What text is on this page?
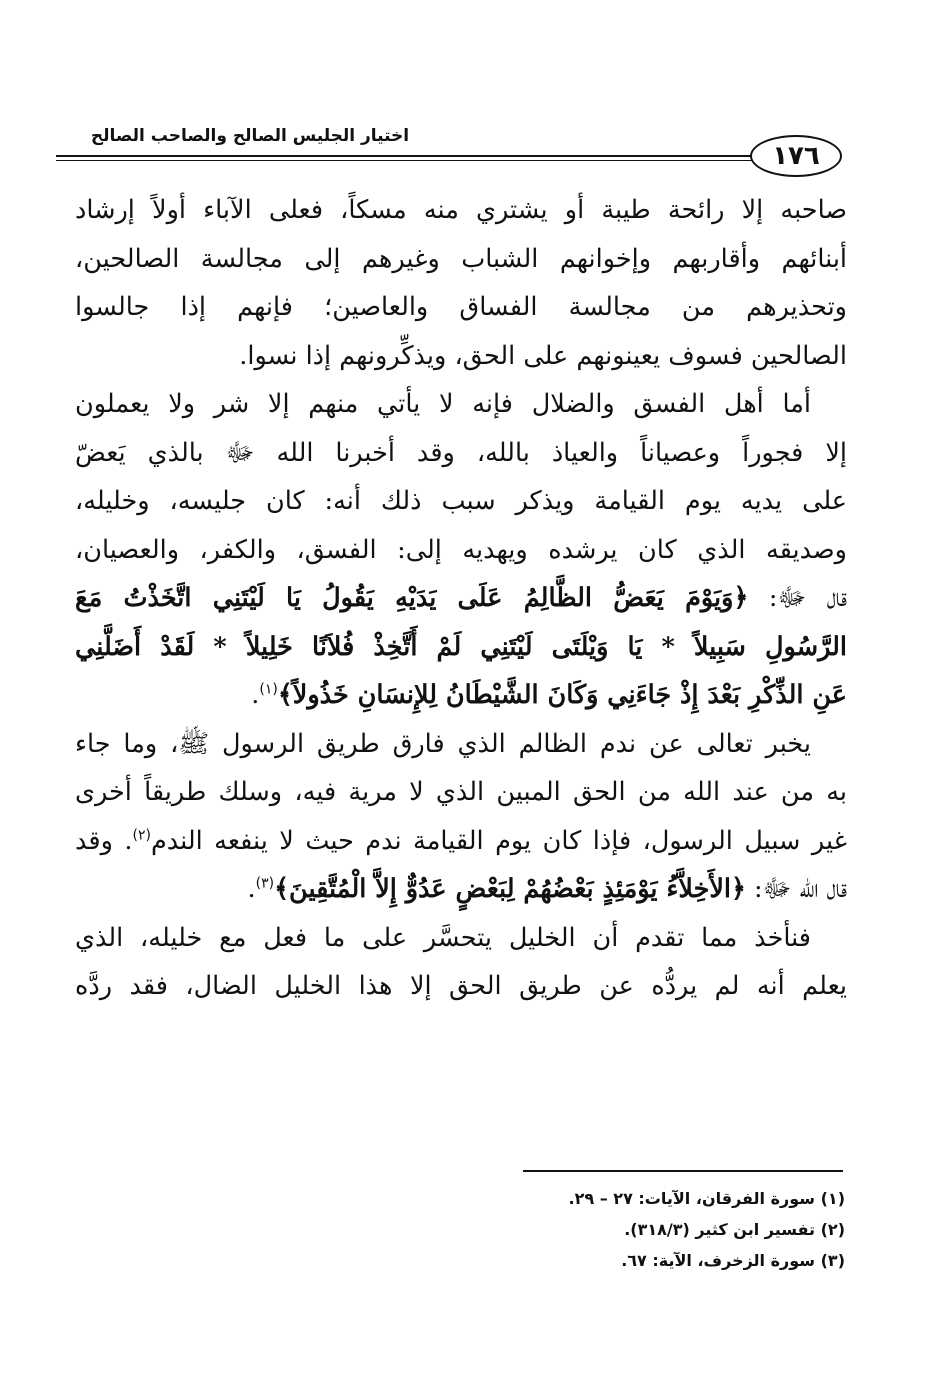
اختيار الجليس الصالح والصاحب الصالح
١٧٦

صاحبه إلا رائحة طيبة أو يشتري منه مسكاً، فعلى الآباء أولاً إرشاد

أبنائهم وأقاربهم وإخوانهم الشباب وغيرهم إلى مجالسة الصالحين،

وتحذيرهم من مجالسة الفساق والعاصين؛ فإنهم إذا جالسوا

الصالحين فسوف يعينونهم على الحق، ويذكِّرونهم إذا نسوا.

أما أهل الفسق والضلال فإنه لا يأتي منهم إلا شر ولا يعملون

إلا فجوراً وعصياناً والعياذ بالله، وقد أخبرنا الله ﷻ بالذي يَعضّ

على يديه يوم القيامة ويذكر سبب ذلك أنه: كان جليسه، وخليله،

وصديقه الذي كان يرشده ويهديه إلى: الفسق، والكفر، والعصيان،

قال ﷻ: ﴿وَيَوْمَ يَعَضُّ الظَّالِمُ عَلَى يَدَيْهِ يَقُولُ يَا لَيْتَنِي اتَّخَذْتُ مَعَ

الرَّسُولِ سَبِيلاً * يَا وَيْلَتَى لَيْتَنِي لَمْ أَتَّخِذْ فُلاَنًا خَلِيلاً * لَقَدْ أَضَلَّنِي

عَنِ الذِّكْرِ بَعْدَ إِذْ جَاءَنِي وَكَانَ الشَّيْطَانُ لِلإِنسَانِ خَذُولاً﴾$^{(١)}$.

يخبر تعالى عن ندم الظالم الذي فارق طريق الرسول ﷺ، وما جاء

به من عند الله من الحق المبين الذي لا مرية فيه، وسلك طريقاً أخرى

غير سبيل الرسول، فإذا كان يوم القيامة ندم حيث لا ينفعه الندم$^{(٢)}$. وقد

قال الله ﷻ: ﴿الأَخِلاَّءُ يَوْمَئِذٍ بَعْضُهُمْ لِبَعْضٍ عَدُوٌّ إِلاَّ الْمُتَّقِينَ﴾$^{(٣)}$.

فنأخذ مما تقدم أن الخليل يتحسَّر على ما فعل مع خليله، الذي

يعلم أنه لم يردُّه عن طريق الحق إلا هذا الخليل الضال، فقد ردَّه

(١) سورة الفرقان، الآيات: ٢٧ – ٢٩.
(٢) تفسير ابن كثير (٣١٨/٣).
(٣) سورة الزخرف، الآية: ٦٧.
